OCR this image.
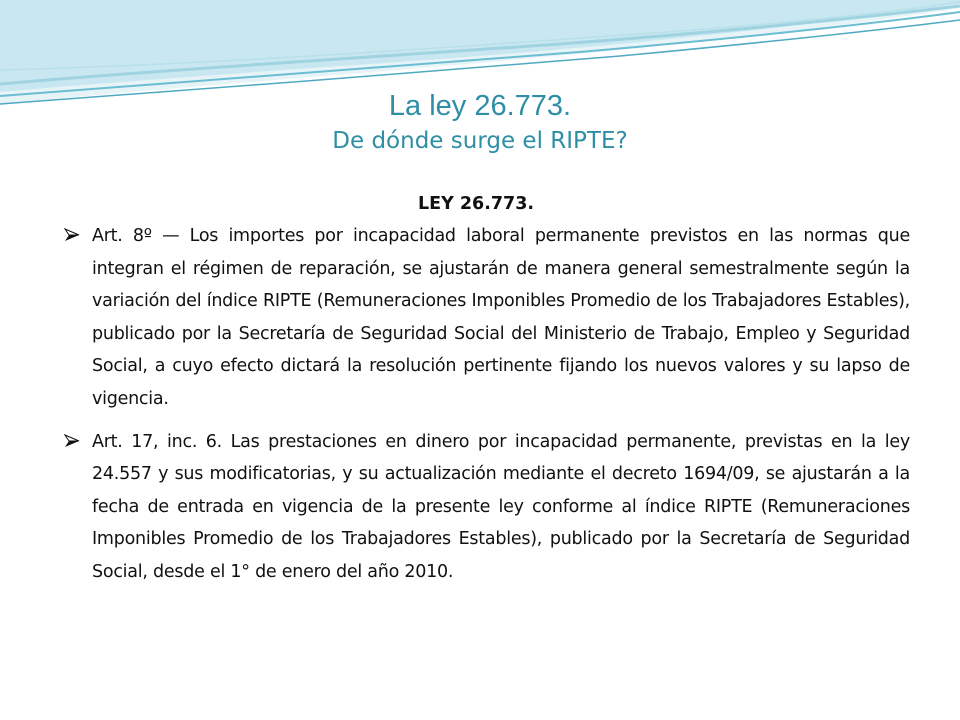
La ley 26.773.
De dónde surge el RIPTE?
LEY 26.773.
Art. 8º — Los importes por incapacidad laboral permanente previstos en las normas que integran el régimen de reparación, se ajustarán de manera general semestralmente según la variación del índice RIPTE (Remuneraciones Imponibles Promedio de los Trabajadores Estables), publicado por la Secretaría de Seguridad Social del Ministerio de Trabajo, Empleo y Seguridad Social, a cuyo efecto dictará la resolución pertinente fijando los nuevos valores y su lapso de vigencia.
Art. 17, inc. 6. Las prestaciones en dinero por incapacidad permanente, previstas en la ley 24.557 y sus modificatorias, y su actualización mediante el decreto 1694/09, se ajustarán a la fecha de entrada en vigencia de la presente ley conforme al índice RIPTE (Remuneraciones Imponibles Promedio de los Trabajadores Estables), publicado por la Secretaría de Seguridad Social, desde el 1° de enero del año 2010.
